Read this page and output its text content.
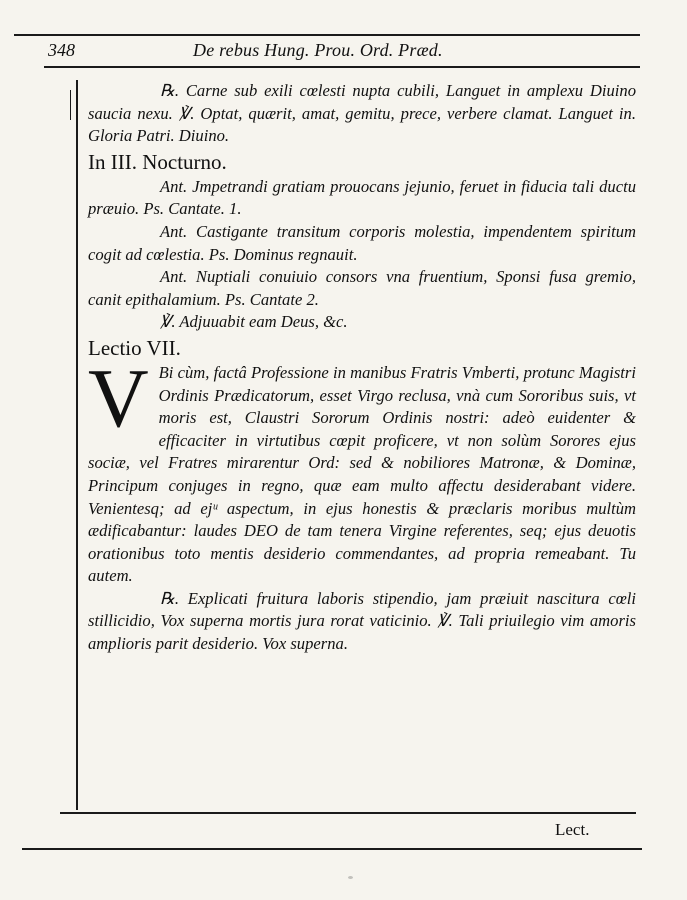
348	De rebus Hung. Prou. Ord. Præd.

℞. Carne sub exili cœlesti nupta cubili, Languet in amplexu Diuino saucia nexu. ℣. Optat, quærit, amat, gemitu, prece, verbere clamat. Languet in. Gloria Patri. Diuino.

In III. Nocturno.

Ant. Jmpetrandi gratiam prouocans jejunio, feruet in fiducia tali ductu præuio. Ps. Cantate. 1.

Ant. Castigante transitum corporis molestia, impendentem spiritum cogit ad cœlestia. Ps. Dominus regnauit.

Ant. Nuptiali conuiuio consors vna fruentium, Sponsi fusa gremio, canit epithalamium. Ps. Cantate 2.

℣. Adjuuabit eam Deus, &c.

Lectio VII.

V Bi cùm, factâ Professione in manibus Fratris Vmberti, protunc Magistri Ordinis Prædicatorum, esset Virgo reclusa, vnà cum Sororibus suis, vt moris est, Claustri Sororum Ordinis nostri: adeò euidenter & efficaciter in virtutibus cœpit proficere, vt non solùm Sorores ejus sociæ, vel Fratres mirarentur Ord: sed & nobiliores Matronæ, & Dominæ, Principum conjuges in regno, quæ eam multo affectu desiderabant videre. Venientesq; ad ejᵘ aspectum, in ejus honestis & præclaris moribus multùm ædificabantur: laudes DEO de tam tenera Virgine referentes, seq; ejus deuotis orationibus toto mentis desiderio commendantes, ad propria remeabant. Tu autem.

℞. Explicati fruitura laboris stipendio, jam præiuit nascitura cœli stillicidio, Vox superna mortis jura rorat vaticinio. ℣. Tali priuilegio vim amoris amplioris parit desiderio. Vox superna.

Lect.
